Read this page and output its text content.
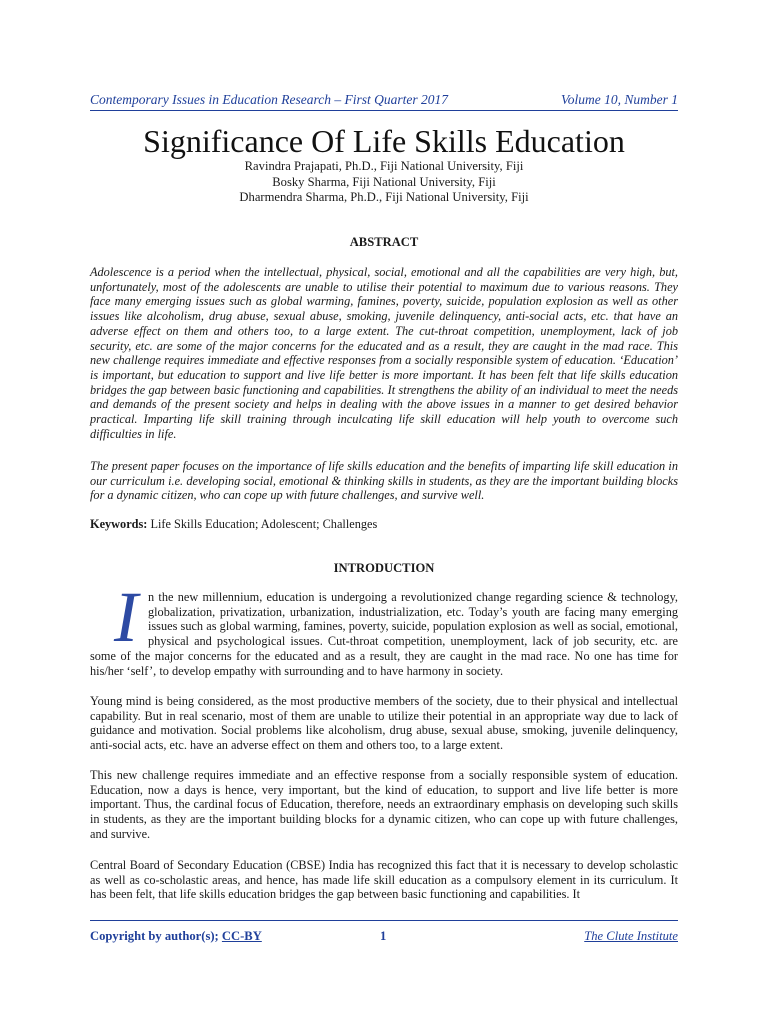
Contemporary Issues in Education Research – First Quarter 2017	Volume 10, Number 1
Significance Of Life Skills Education
Ravindra Prajapati, Ph.D., Fiji National University, Fiji
Bosky Sharma, Fiji National University, Fiji
Dharmendra Sharma, Ph.D., Fiji National University, Fiji
ABSTRACT

Adolescence is a period when the intellectual, physical, social, emotional and all the capabilities are very high, but, unfortunately, most of the adolescents are unable to utilise their potential to maximum due to various reasons. They face many emerging issues such as global warming, famines, poverty, suicide, population explosion as well as other issues like alcoholism, drug abuse, sexual abuse, smoking, juvenile delinquency, anti-social acts, etc. that have an adverse effect on them and others too, to a large extent. The cut-throat competition, unemployment, lack of job security, etc. are some of the major concerns for the educated and as a result, they are caught in the mad race. This new challenge requires immediate and effective responses from a socially responsible system of education. ‘Education’ is important, but education to support and live life better is more important. It has been felt that life skills education bridges the gap between basic functioning and capabilities. It strengthens the ability of an individual to meet the needs and demands of the present society and helps in dealing with the above issues in a manner to get desired behavior practical. Imparting life skill training through inculcating life skill education will help youth to overcome such difficulties in life.

The present paper focuses on the importance of life skills education and the benefits of imparting life skill education in our curriculum i.e. developing social, emotional & thinking skills in students, as they are the important building blocks for a dynamic citizen, who can cope up with future challenges, and survive well.

Keywords: Life Skills Education; Adolescent; Challenges

INTRODUCTION

In the new millennium, education is undergoing a revolutionized change regarding science & technology, globalization, privatization, urbanization, industrialization, etc. Today’s youth are facing many emerging issues such as global warming, famines, poverty, suicide, population explosion as well as social, emotional, physical and psychological issues. Cut-throat competition, unemployment, lack of job security, etc. are some of the major concerns for the educated and as a result, they are caught in the mad race. No one has time for his/her ‘self’, to develop empathy with surrounding and to have harmony in society.

Young mind is being considered, as the most productive members of the society, due to their physical and intellectual capability. But in real scenario, most of them are unable to utilize their potential in an appropriate way due to lack of guidance and motivation. Social problems like alcoholism, drug abuse, sexual abuse, smoking, juvenile delinquency, anti-social acts, etc. have an adverse effect on them and others too, to a large extent.

This new challenge requires immediate and an effective response from a socially responsible system of education. Education, now a days is hence, very important, but the kind of education, to support and live life better is more important. Thus, the cardinal focus of Education, therefore, needs an extraordinary emphasis on developing such skills in students, as they are the important building blocks for a dynamic citizen, who can cope up with future challenges, and survive.

Central Board of Secondary Education (CBSE) India has recognized this fact that it is necessary to develop scholastic as well as co-scholastic areas, and hence, has made life skill education as a compulsory element in its curriculum. It has been felt, that life skills education bridges the gap between basic functioning and capabilities. It

Copyright by author(s); CC-BY	1	The Clute Institute
